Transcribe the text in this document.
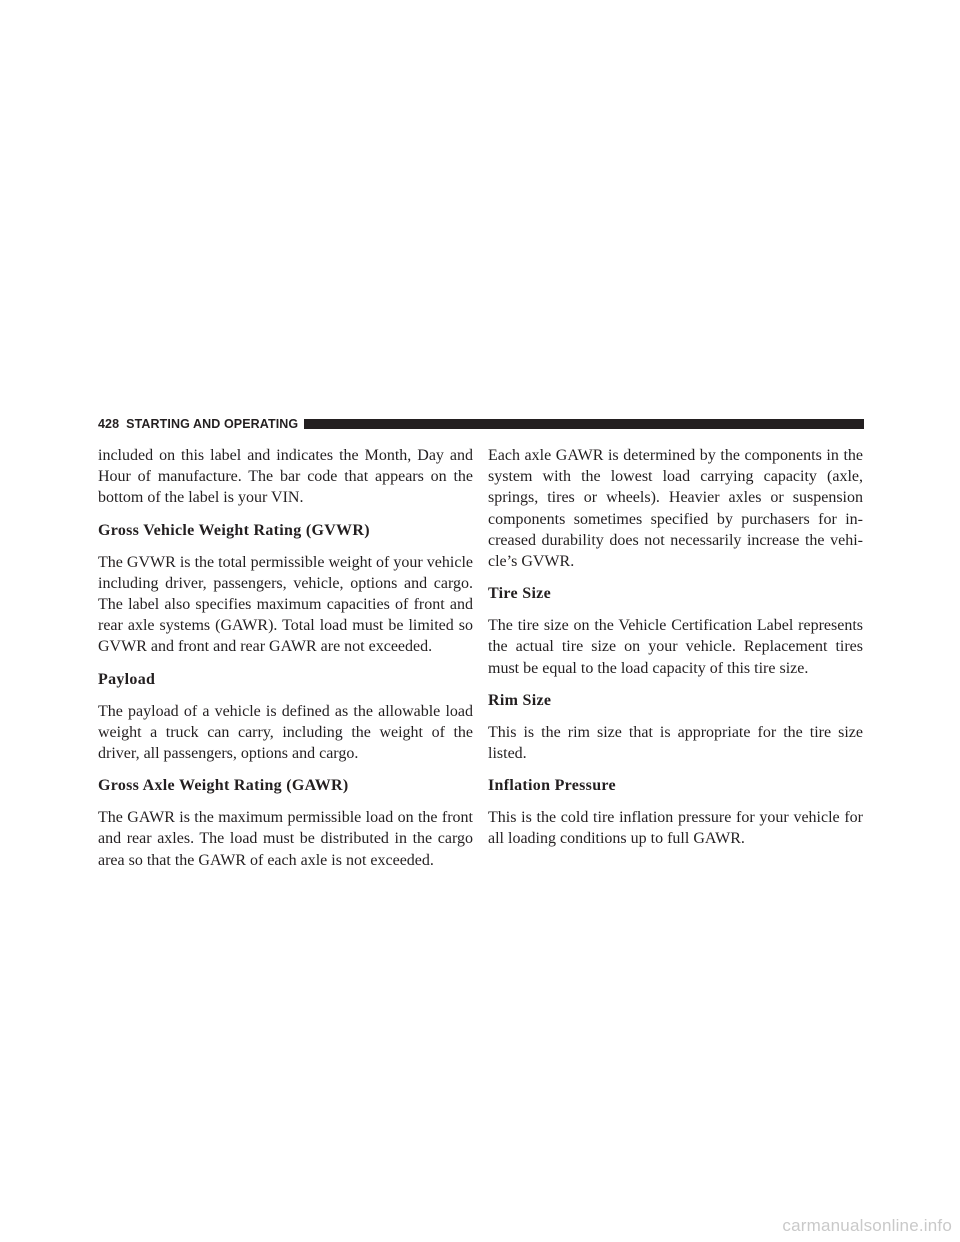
428 STARTING AND OPERATING

included on this label and indicates the Month, Day and Hour of manufacture. The bar code that appears on the bottom of the label is your VIN.

Gross Vehicle Weight Rating (GVWR)

The GVWR is the total permissible weight of your vehicle including driver, passengers, vehicle, options and cargo. The label also specifies maximum capacities of front and rear axle systems (GAWR). Total load must be limited so GVWR and front and rear GAWR are not exceeded.

Payload

The payload of a vehicle is defined as the allowable load weight a truck can carry, including the weight of the driver, all passengers, options and cargo.

Gross Axle Weight Rating (GAWR)

The GAWR is the maximum permissible load on the front and rear axles. The load must be distributed in the cargo area so that the GAWR of each axle is not exceeded.

Each axle GAWR is determined by the components in the system with the lowest load carrying capacity (axle, springs, tires or wheels). Heavier axles or suspension components sometimes specified by purchasers for increased durability does not necessarily increase the vehicle’s GVWR.

Tire Size

The tire size on the Vehicle Certification Label represents the actual tire size on your vehicle. Replacement tires must be equal to the load capacity of this tire size.

Rim Size

This is the rim size that is appropriate for the tire size listed.

Inflation Pressure

This is the cold tire inflation pressure for your vehicle for all loading conditions up to full GAWR.

carmanualsonline.info
